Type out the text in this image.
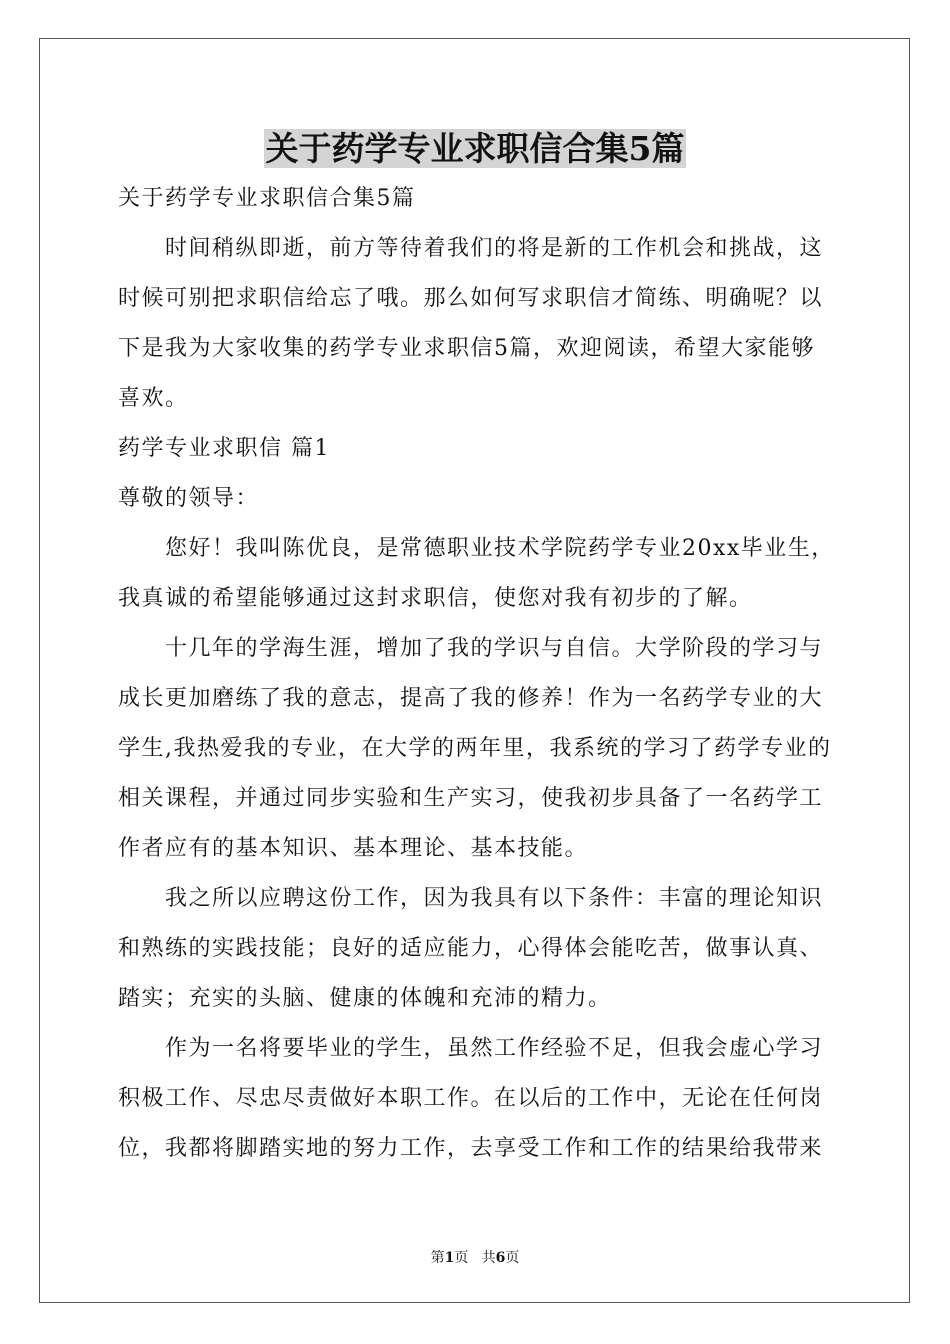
关于药学专业求职信合集5篇

关于药学专业求职信合集5篇

时间稍纵即逝，前方等待着我们的将是新的工作机会和挑战，这时候可别把求职信给忘了哦。那么如何写求职信才简练、明确呢？以下是我为大家收集的药学专业求职信5篇，欢迎阅读，希望大家能够喜欢。

药学专业求职信 篇1

尊敬的领导：

您好！我叫陈优良，是常德职业技术学院药学专业20xx毕业生，我真诚的希望能够通过这封求职信，使您对我有初步的了解。

十几年的学海生涯，增加了我的学识与自信。大学阶段的学习与成长更加磨练了我的意志，提高了我的修养！作为一名药学专业的大学生,我热爱我的专业，在大学的两年里，我系统的学习了药学专业的相关课程，并通过同步实验和生产实习，使我初步具备了一名药学工作者应有的基本知识、基本理论、基本技能。

我之所以应聘这份工作，因为我具有以下条件：丰富的理论知识和熟练的实践技能；良好的适应能力，心得体会能吃苦，做事认真、踏实；充实的头脑、健康的体魄和充沛的精力。

作为一名将要毕业的学生，虽然工作经验不足，但我会虚心学习积极工作、尽忠尽责做好本职工作。在以后的工作中，无论在任何岗位，我都将脚踏实地的努力工作，去享受工作和工作的结果给我带来

第1页 共6页
